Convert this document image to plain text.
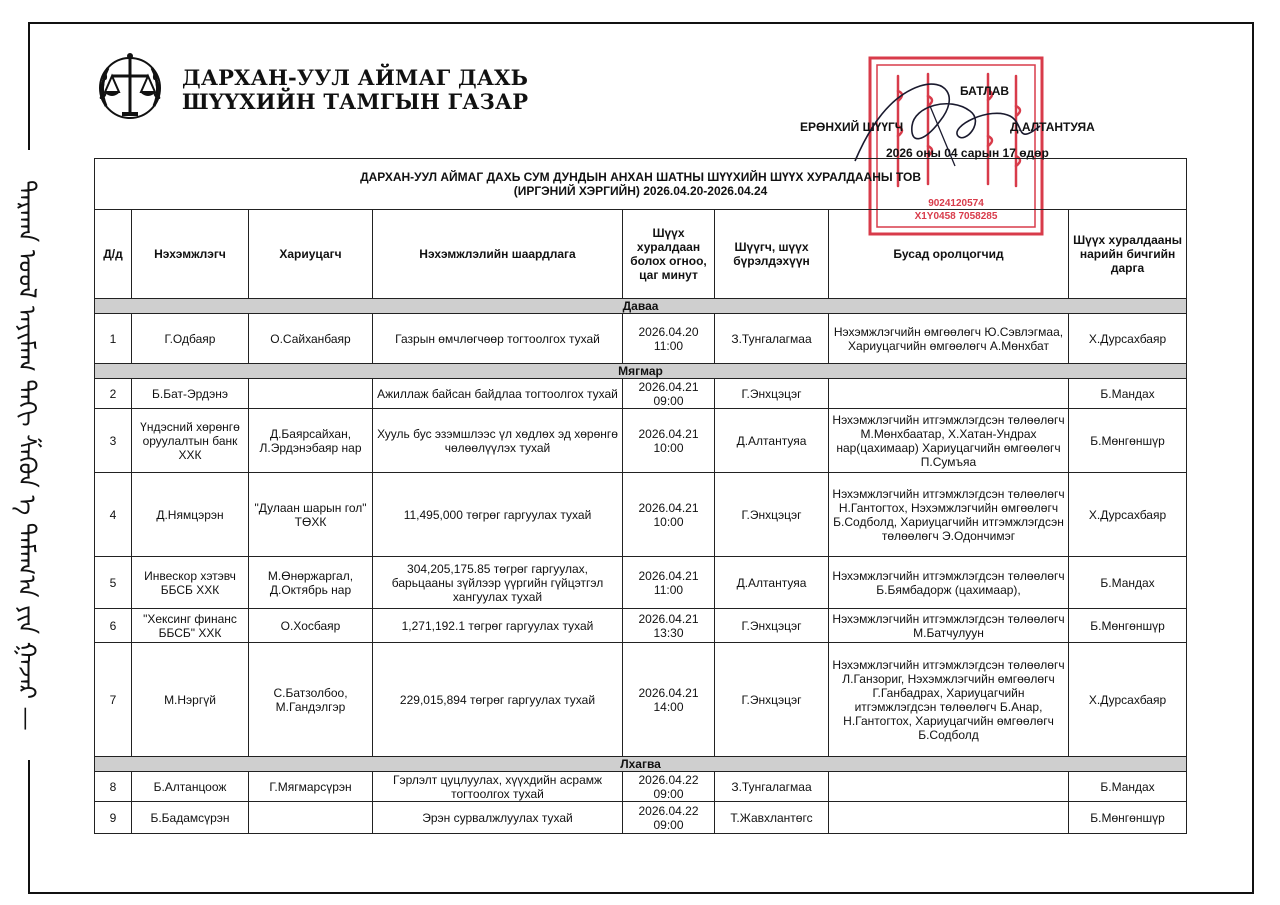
ᠳᠠᠷᠬᠠᠨ ᠤᠤᠯ ᠠᠶᠢᠮᠠᠭ ᠲᠠᠬᠢ ᠱᠡᠭᠦᠨ ᠡ ᠲᠠᠮᠠᠭ᠎ᠠ ᠶᠢᠨ ᠭᠠᠵᠠᠷ —
ДАРХАН-УУЛ АЙМАГ ДАХЬ
ШҮҮХИЙН ТАМГЫН ГАЗАР
9024120574
X1Y0458 7058285
БАТЛАВ
ЕРӨНХИЙ ШҮҮГЧ	Д.АЛТАНТУЯА
2026 оны 04 сарын 17 өдөр
ДАРХАН-УУЛ АЙМАГ ДАХЬ СУМ ДУНДЫН АНХАН ШАТНЫ ШҮҮХИЙН ШҮҮХ ХУРАЛДААНЫ ТОВ
(ИРГЭНИЙ ХЭРГИЙН) 2026.04.20-2026.04.24							

Д/д	Нэхэмжлэгч	Хариуцагч	Нэхэмжлэлийн шаардлага	Шүүх хуралдаан болох огноо, цаг минут	Шүүгч, шүүх бүрэлдэхүүн	Бусад оролцогчид	Шүүх хуралдааны нарийн бичгийн дарга
Даваа							
1	Г.Одбаяр	О.Сайханбаяр	Газрын өмчлөгчөөр тогтоолгох тухай	2026.04.20
11:00	З.Тунгалагмаа	Нэхэмжлэгчийн өмгөөлөгч Ю.Сэвлэгмаа, Хариуцагчийн өмгөөлөгч А.Мөнхбат	Х.Дурсахбаяр
Мягмар							
2	Б.Бат-Эрдэнэ		Ажиллаж байсан байдлаа тогтоолгох тухай	2026.04.21
09:00	Г.Энхцэцэг		Б.Мандах
3	Үндэсний хөрөнгө оруулалтын банк ХХК	Д.Баярсайхан, Л.Эрдэнэбаяр нар	Хууль бус эзэмшлээс үл хөдлөх эд хөрөнгө чөлөөлүүлэх тухай	2026.04.21
10:00	Д.Алтантуяа	Нэхэмжлэгчийн итгэмжлэгдсэн төлөөлөгч М.Мөнхбаатар, Х.Хатан-Ундрах нар(цахимаар) Хариуцагчийн өмгөөлөгч П.Сумъяа	Б.Мөнгөншүр
4	Д.Нямцэрэн	"Дулаан шарын гол" ТӨХК	11,495,000 төгрөг гаргуулах тухай	2026.04.21
10:00	Г.Энхцэцэг	Нэхэмжлэгчийн итгэмжлэгдсэн төлөөлөгч Н.Гантогтох, Нэхэмжлэгчийн өмгөөлөгч Б.Содболд, Хариуцагчийн итгэмжлэгдсэн төлөөлөгч Э.Одончимэг	Х.Дурсахбаяр
5	Инвескор хэтэвч ББСБ ХХК	М.Өнөржаргал, Д.Октябрь нар	304,205,175.85 төгрөг гаргуулах, барьцааны зүйлээр үүргийн гүйцэтгэл хангуулах тухай	2026.04.21
11:00	Д.Алтантуяа	Нэхэмжлэгчийн итгэмжлэгдсэн төлөөлөгч Б.Бямбадорж (цахимаар),	Б.Мандах
6	"Хексинг финанс ББСБ" ХХК	О.Хосбаяр	1,271,192.1 төгрөг гаргуулах тухай	2026.04.21
13:30	Г.Энхцэцэг	Нэхэмжлэгчийн итгэмжлэгдсэн төлөөлөгч М.Батчулуун	Б.Мөнгөншүр
7	М.Нэргүй	С.Батзолбоо, М.Гандэлгэр	229,015,894 төгрөг гаргуулах тухай	2026.04.21
14:00	Г.Энхцэцэг	Нэхэмжлэгчийн итгэмжлэгдсэн төлөөлөгч Л.Ганзориг, Нэхэмжлэгчийн өмгөөлөгч Г.Ганбадрах, Хариуцагчийн итгэмжлэгдсэн төлөөлөгч Б.Анар, Н.Гантогтох, Хариуцагчийн өмгөөлөгч Б.Содболд	Х.Дурсахбаяр
Лхагва							
8	Б.Алтанцоож	Г.Мягмарсүрэн	Гэрлэлт цуцлуулах, хүүхдийн асрамж тогтоолгох тухай	2026.04.22
09:00	З.Тунгалагмаа		Б.Мандах
9	Б.Бадамсүрэн		Эрэн сурвалжлуулах тухай	2026.04.22
09:00	Т.Жавхлантөгс		Б.Мөнгөншүр
